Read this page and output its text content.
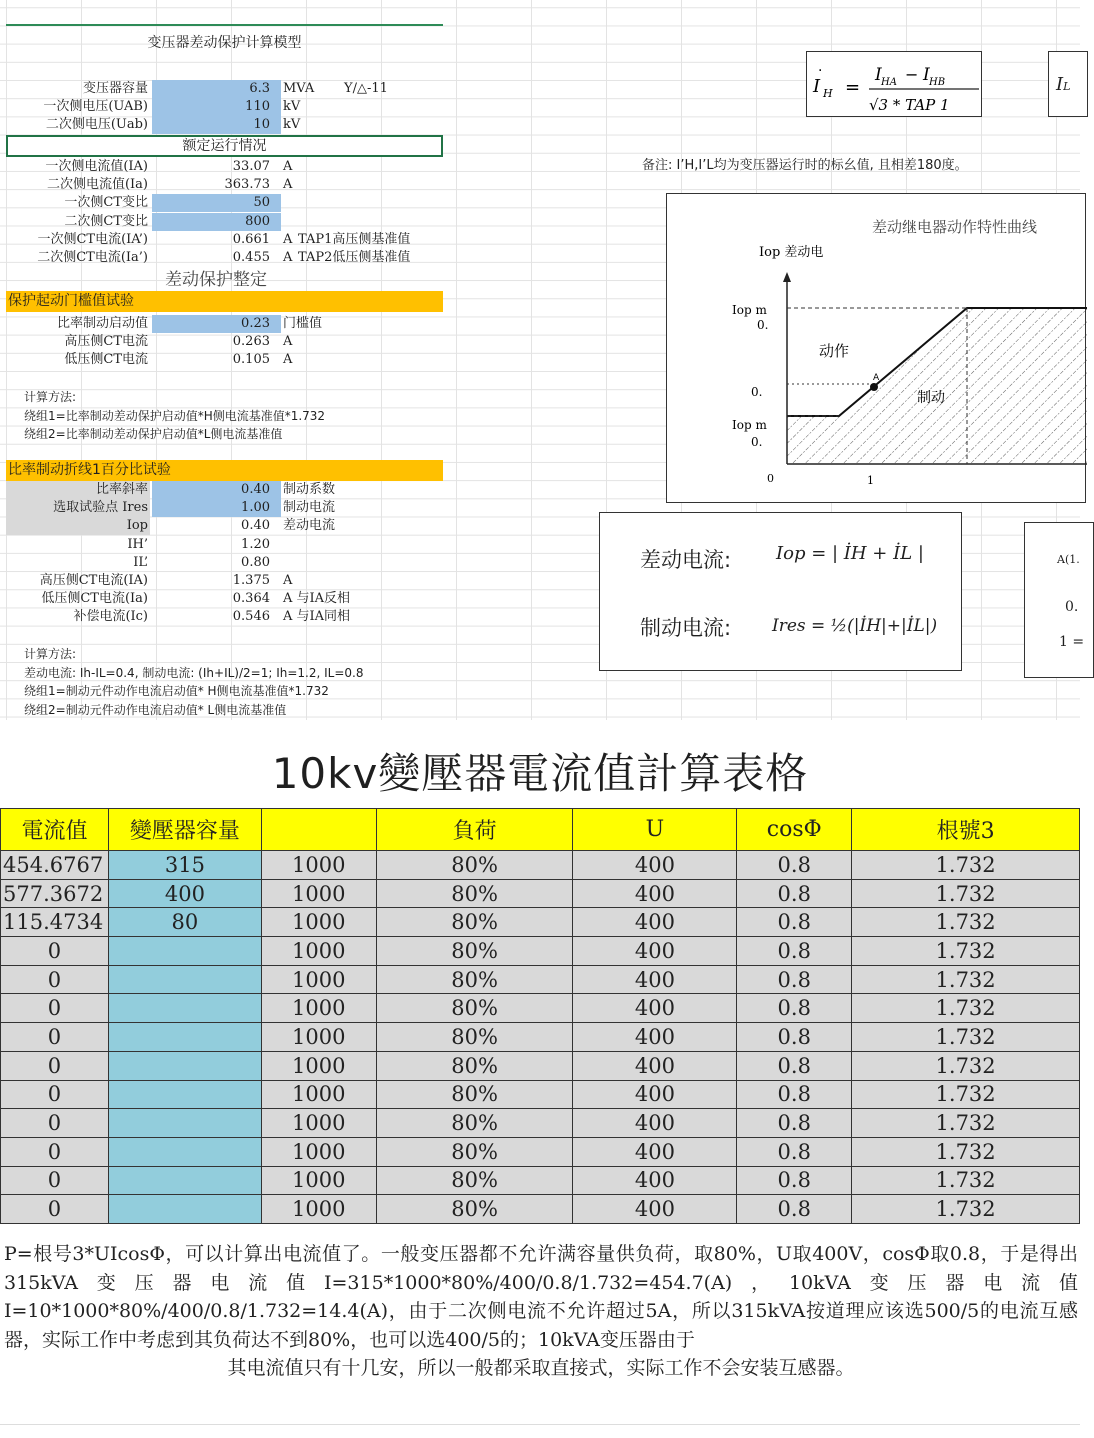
变压器差动保护计算模型
变压器容量	6.3	MVA Y/△-11
一次侧电压(UAB)	110	kV
二次侧电压(Uab)	10	kV
额定运行情况
一次侧电流值(IA)	33.07	A
二次侧电流值(Ia)	363.73	A
一次侧CT变比	50
二次侧CT变比	800
一次侧CT电流(IA’)	0.661	A TAP1高压侧基准值
二次侧CT电流(Ia’)	0.455	A TAP2低压侧基准值
差动保护整定
保护起动门槛值试验
比率制动启动值	0.23	门槛值
高压侧CT电流	0.263	A
低压侧CT电流	0.105	A
计算方法:
绕组1=比率制动差动保护启动值*H侧电流基准值*1.732
绕组2=比率制动差动保护启动值*L侧电流基准值
比率制动折线1百分比试验
比率斜率	0.40	制动系数
选取试验点 Ires	1.00	制动电流
Iop	0.40	差动电流
IH’	1.20
IL’	0.80
高压侧CT电流(IA)	1.375	A
低压侧CT电流(Ia)	0.364	A 与IA反相
补偿电流(Ic)	0.546	A 与IA同相
计算方法:
差动电流: Ih-IL=0.4, 制动电流: (Ih+IL)/2=1; Ih=1.2, IL=0.8
绕组1=制动元件动作电流启动值* H侧电流基准值*1.732
绕组2=制动元件动作电流启动值* L侧电流基准值
I
·
H =
I HA − I HB
√3 * TAP 1
IL
备注: I’H,I’L均为变压器运行时的标幺值, 且相差180度。
差动继电器动作特性曲线
Iop 差动电
A
Iop m
0.
0.
Iop m
0.
0	1
动作
制动
差动电流: Iop = | İH + İL |
制动电流: Ires = ½(|İH|+|İL|)
A(1.
0.
1 =
10kv變壓器電流值計算表格
電流值	變壓器容量		負荷	U	cosΦ	根號3
454.6767	315	1000	80%	400	0.8	1.732
577.3672	400	1000	80%	400	0.8	1.732
115.4734	80	1000	80%	400	0.8	1.732
0		1000	80%	400	0.8	1.732
0		1000	80%	400	0.8	1.732
0		1000	80%	400	0.8	1.732
0		1000	80%	400	0.8	1.732
0		1000	80%	400	0.8	1.732
0		1000	80%	400	0.8	1.732
0		1000	80%	400	0.8	1.732
0		1000	80%	400	0.8	1.732
0		1000	80%	400	0.8	1.732
0		1000	80%	400	0.8	1.732
P=根号3*UIcosΦ，可以计算出电流值了。一般变压器都不允许满容量供负荷，取80%，U取400V，cosΦ取0.8，于是得出315kVA变压器电流值I=315*1000*80%/400/0.8/1.732=454.7(A)，10kVA变压器电流值I=10*1000*80%/400/0.8/1.732=14.4(A)，由于二次侧电流不允许超过5A，所以315kVA按道理应该选500/5的电流互感器，实际工作中考虑到其负荷达不到80%，也可以选400/5的；10kVA变压器由于
其电流值只有十几安，所以一般都采取直接式，实际工作不会安装互感器。
